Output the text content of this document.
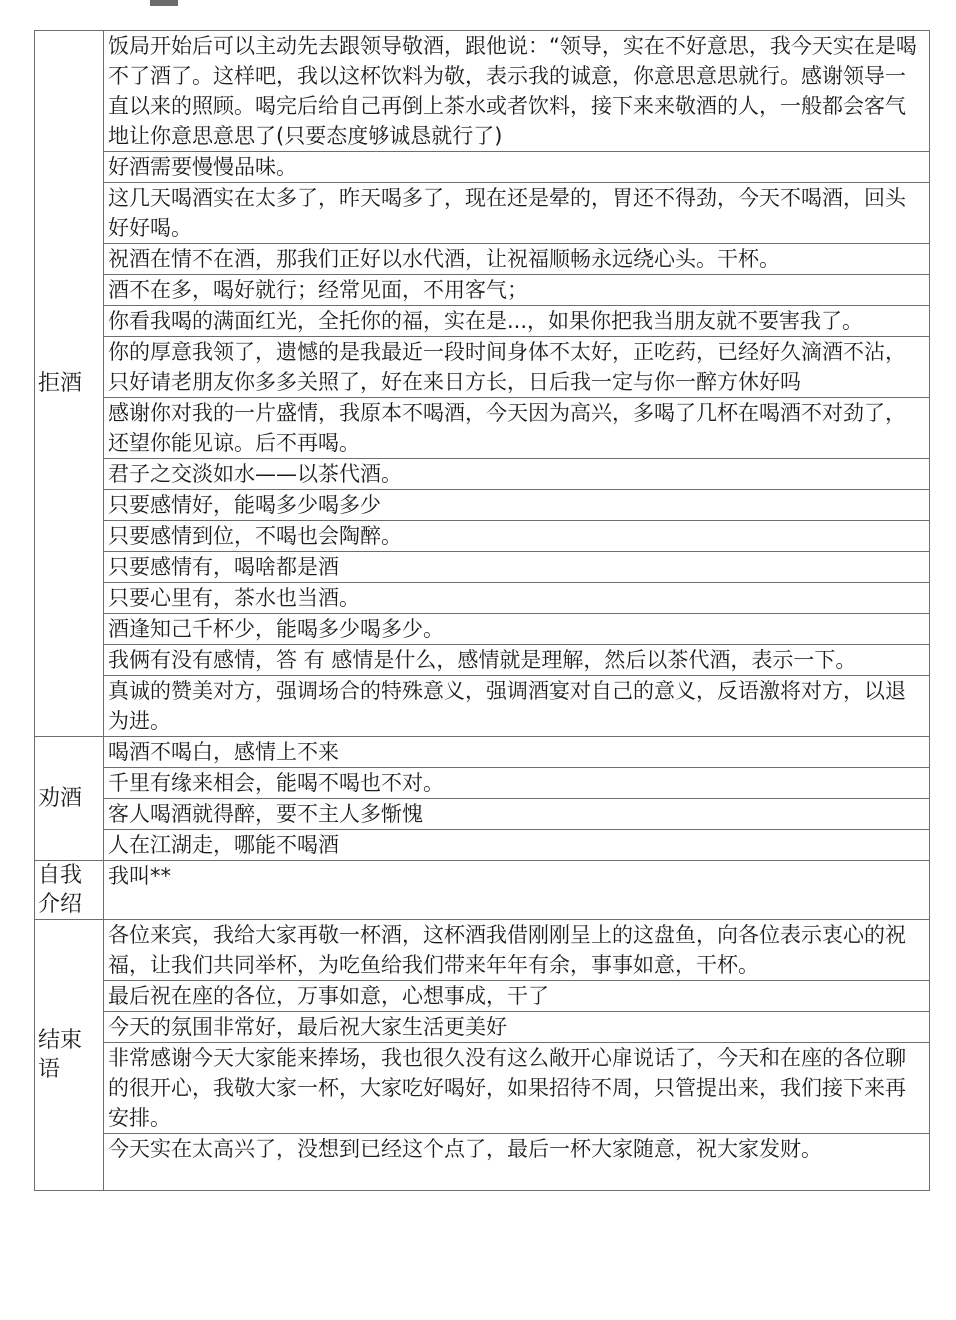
拒酒	饭局开始后可以主动先去跟领导敬酒，跟他说：“领导，实在不好意思，我今天实在是喝不了酒了。这样吧，我以这杯饮料为敬，表示我的诚意，你意思意思就行。感谢领导一直以来的照顾。喝完后给自己再倒上茶水或者饮料，接下来来敬酒的人，一般都会客气地让你意思意思了(只要态度够诚恳就行了)
	好酒需要慢慢品味。
	这几天喝酒实在太多了，昨天喝多了，现在还是晕的，胃还不得劲，今天不喝酒，回头好好喝。
	祝酒在情不在酒，那我们正好以水代酒，让祝福顺畅永远绕心头。干杯。
	酒不在多，喝好就行；经常见面，不用客气；
	你看我喝的满面红光，全托你的福，实在是...，如果你把我当朋友就不要害我了。
	你的厚意我领了，遗憾的是我最近一段时间身体不太好，正吃药，已经好久滴酒不沾，只好请老朋友你多多关照了，好在来日方长，日后我一定与你一醉方休好吗
	感谢你对我的一片盛情，我原本不喝酒，今天因为高兴，多喝了几杯在喝酒不对劲了，还望你能见谅。后不再喝。
	君子之交淡如水——以茶代酒。
	只要感情好，能喝多少喝多少
	只要感情到位，不喝也会陶醉。
	只要感情有，喝啥都是酒
	只要心里有，茶水也当酒。
	酒逢知己千杯少，能喝多少喝多少。
	我俩有没有感情，答 有 感情是什么，感情就是理解，然后以茶代酒，表示一下。
	真诚的赞美对方，强调场合的特殊意义，强调酒宴对自己的意义，反语激将对方，以退为进。
劝酒	喝酒不喝白，感情上不来
	千里有缘来相会，能喝不喝也不对。
	客人喝酒就得醉，要不主人多惭愧
	人在江湖走，哪能不喝酒
自我介绍	我叫**
结束语	各位来宾，我给大家再敬一杯酒，这杯酒我借刚刚呈上的这盘鱼，向各位表示衷心的祝福，让我们共同举杯，为吃鱼给我们带来年年有余，事事如意，干杯。
	最后祝在座的各位，万事如意，心想事成，干了
	今天的氛围非常好，最后祝大家生活更美好
	非常感谢今天大家能来捧场，我也很久没有这么敞开心扉说话了，今天和在座的各位聊的很开心，我敬大家一杯，大家吃好喝好，如果招待不周，只管提出来，我们接下来再安排。
	今天实在太高兴了，没想到已经这个点了，最后一杯大家随意，祝大家发财。
